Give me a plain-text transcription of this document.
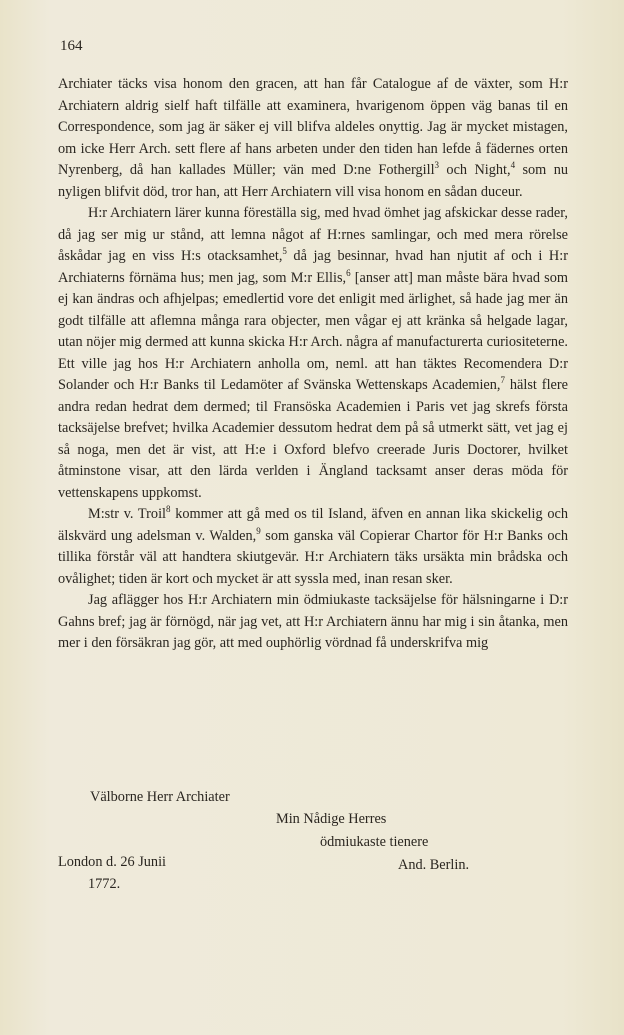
164

Archiater täcks visa honom den gracen, att han får Catalogue af de växter, som H:r Archiatern aldrig sielf haft tilfälle att examinera, hvarigenom öppen väg banas til en Correspondence, som jag är säker ej vill blifva aldeles onyttig. Jag är mycket mistagen, om icke Herr Arch. sett flere af hans arbeten under den tiden han lefde å fädernes orten Nyrenberg, då han kallades Müller; vän med D:ne Fothergill$^3$ och Night,$^4$ som nu nyligen blifvit död, tror han, att Herr Archiatern vill visa honom en sådan duceur.

H:r Archiatern lärer kunna föreställa sig, med hvad ömhet jag afskickar desse rader, då jag ser mig ur stånd, att lemna något af H:rnes samlingar, och med mera rörelse åskådar jag en viss H:s otacksamhet,$^5$ då jag besinnar, hvad han njutit af och i H:r Archiaterns förnäma hus; men jag, som M:r Ellis,$^6$ [anser att] man måste bära hvad som ej kan ändras och afhjelpas; emedlertid vore det enligit med ärlighet, så hade jag mer än godt tilfälle att aflemna många rara objecter, men vågar ej att kränka så helgade lagar, utan nöjer mig dermed att kunna skicka H:r Arch. några af manufacturerta curiositeterne. Ett ville jag hos H:r Archiatern anholla om, neml. att han täktes Recomendera D:r Solander och H:r Banks til Ledamöter af Svänska Wettenskaps Academien,$^7$ hälst flere andra redan hedrat dem dermed; til Fransöska Academien i Paris vet jag skrefs första tacksäjelse brefvet; hvilka Academier dessutom hedrat dem på så utmerkt sätt, vet jag ej så noga, men det är vist, att H:e i Oxford blefvo creerade Juris Doctorer, hvilket åtminstone visar, att den lärda verlden i Ängland tacksamt anser deras möda för vettenskapens uppkomst.

M:str v. Troil$^8$ kommer att gå med os til Island, äfven en annan lika skickelig och älskvärd ung adelsman v. Walden,$^9$ som ganska väl Copierar Chartor för H:r Banks och tillika förstår väl att handtera skiutgevär. H:r Archiatern täks ursäkta min brådska och ovålighet; tiden är kort och mycket är att syssla med, inan resan sker.

Jag aflägger hos H:r Archiatern min ödmiukaste tacksäjelse för hälsningarne i D:r Gahns bref; jag är förnögd, när jag vet, att H:r Archiatern ännu har mig i sin åtanka, men mer i den försäkran jag gör, att med ouphörlig vördnad få underskrifva mig

Välborne Herr Archiater
Min Nådige Herres
ödmiukaste tienere
London d. 26 Junii	And. Berlin.
1772.
